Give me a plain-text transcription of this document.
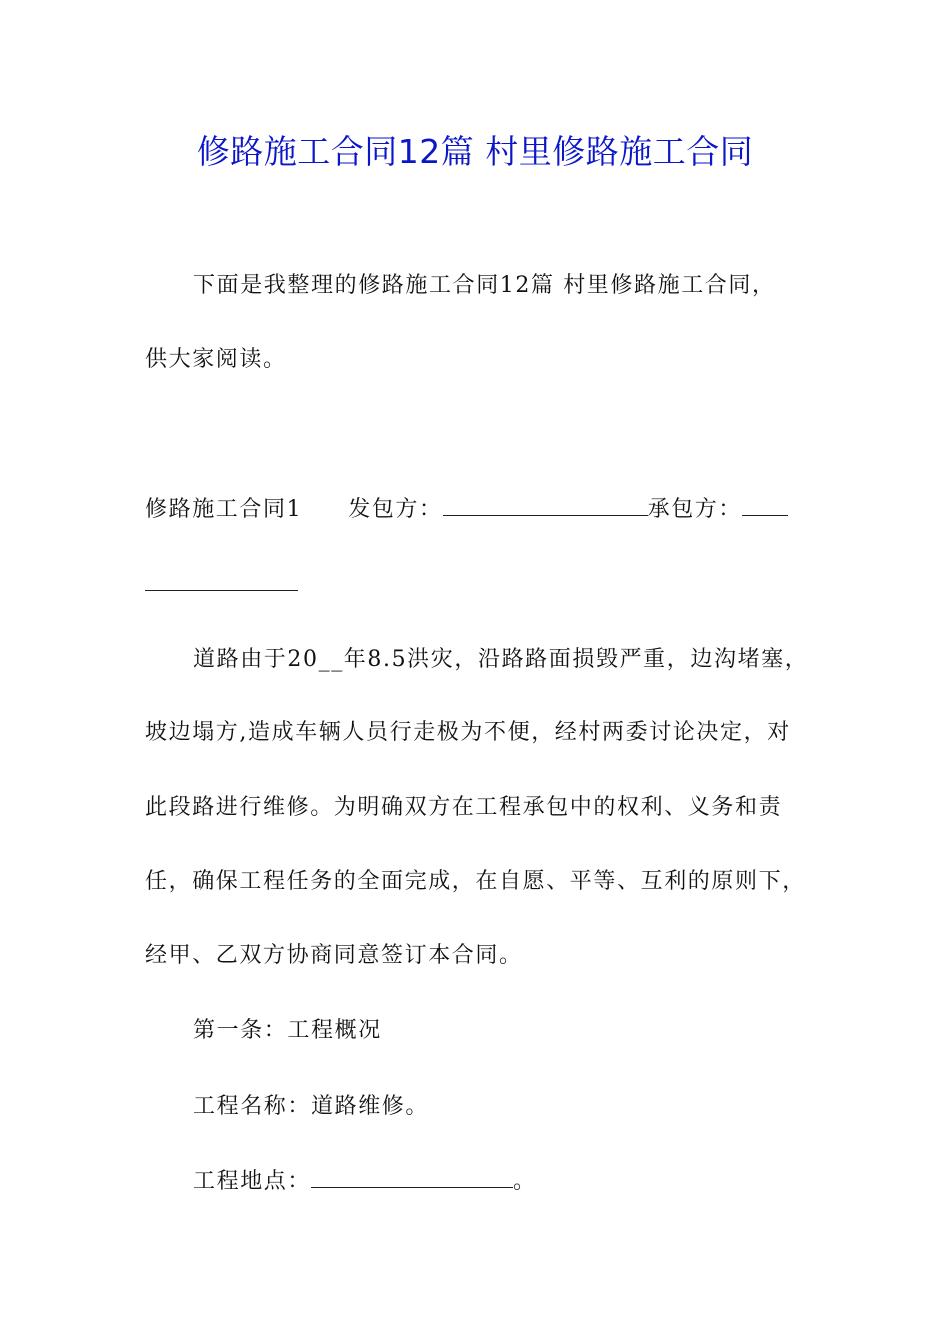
修路施工合同12篇 村里修路施工合同
下面是我整理的修路施工合同12篇 村里修路施工合同，
供大家阅读。
修路施工合同1 发包方：	承包方：
道路由于20__年8.5洪灾，沿路路面损毁严重，边沟堵塞，
坡边塌方,造成车辆人员行走极为不便，经村两委讨论决定，对
此段路进行维修。为明确双方在工程承包中的权利、义务和责
任，确保工程任务的全面完成，在自愿、平等、互利的原则下，
经甲、乙双方协商同意签订本合同。
第一条：工程概况
工程名称：道路维修。
工程地点：	。
